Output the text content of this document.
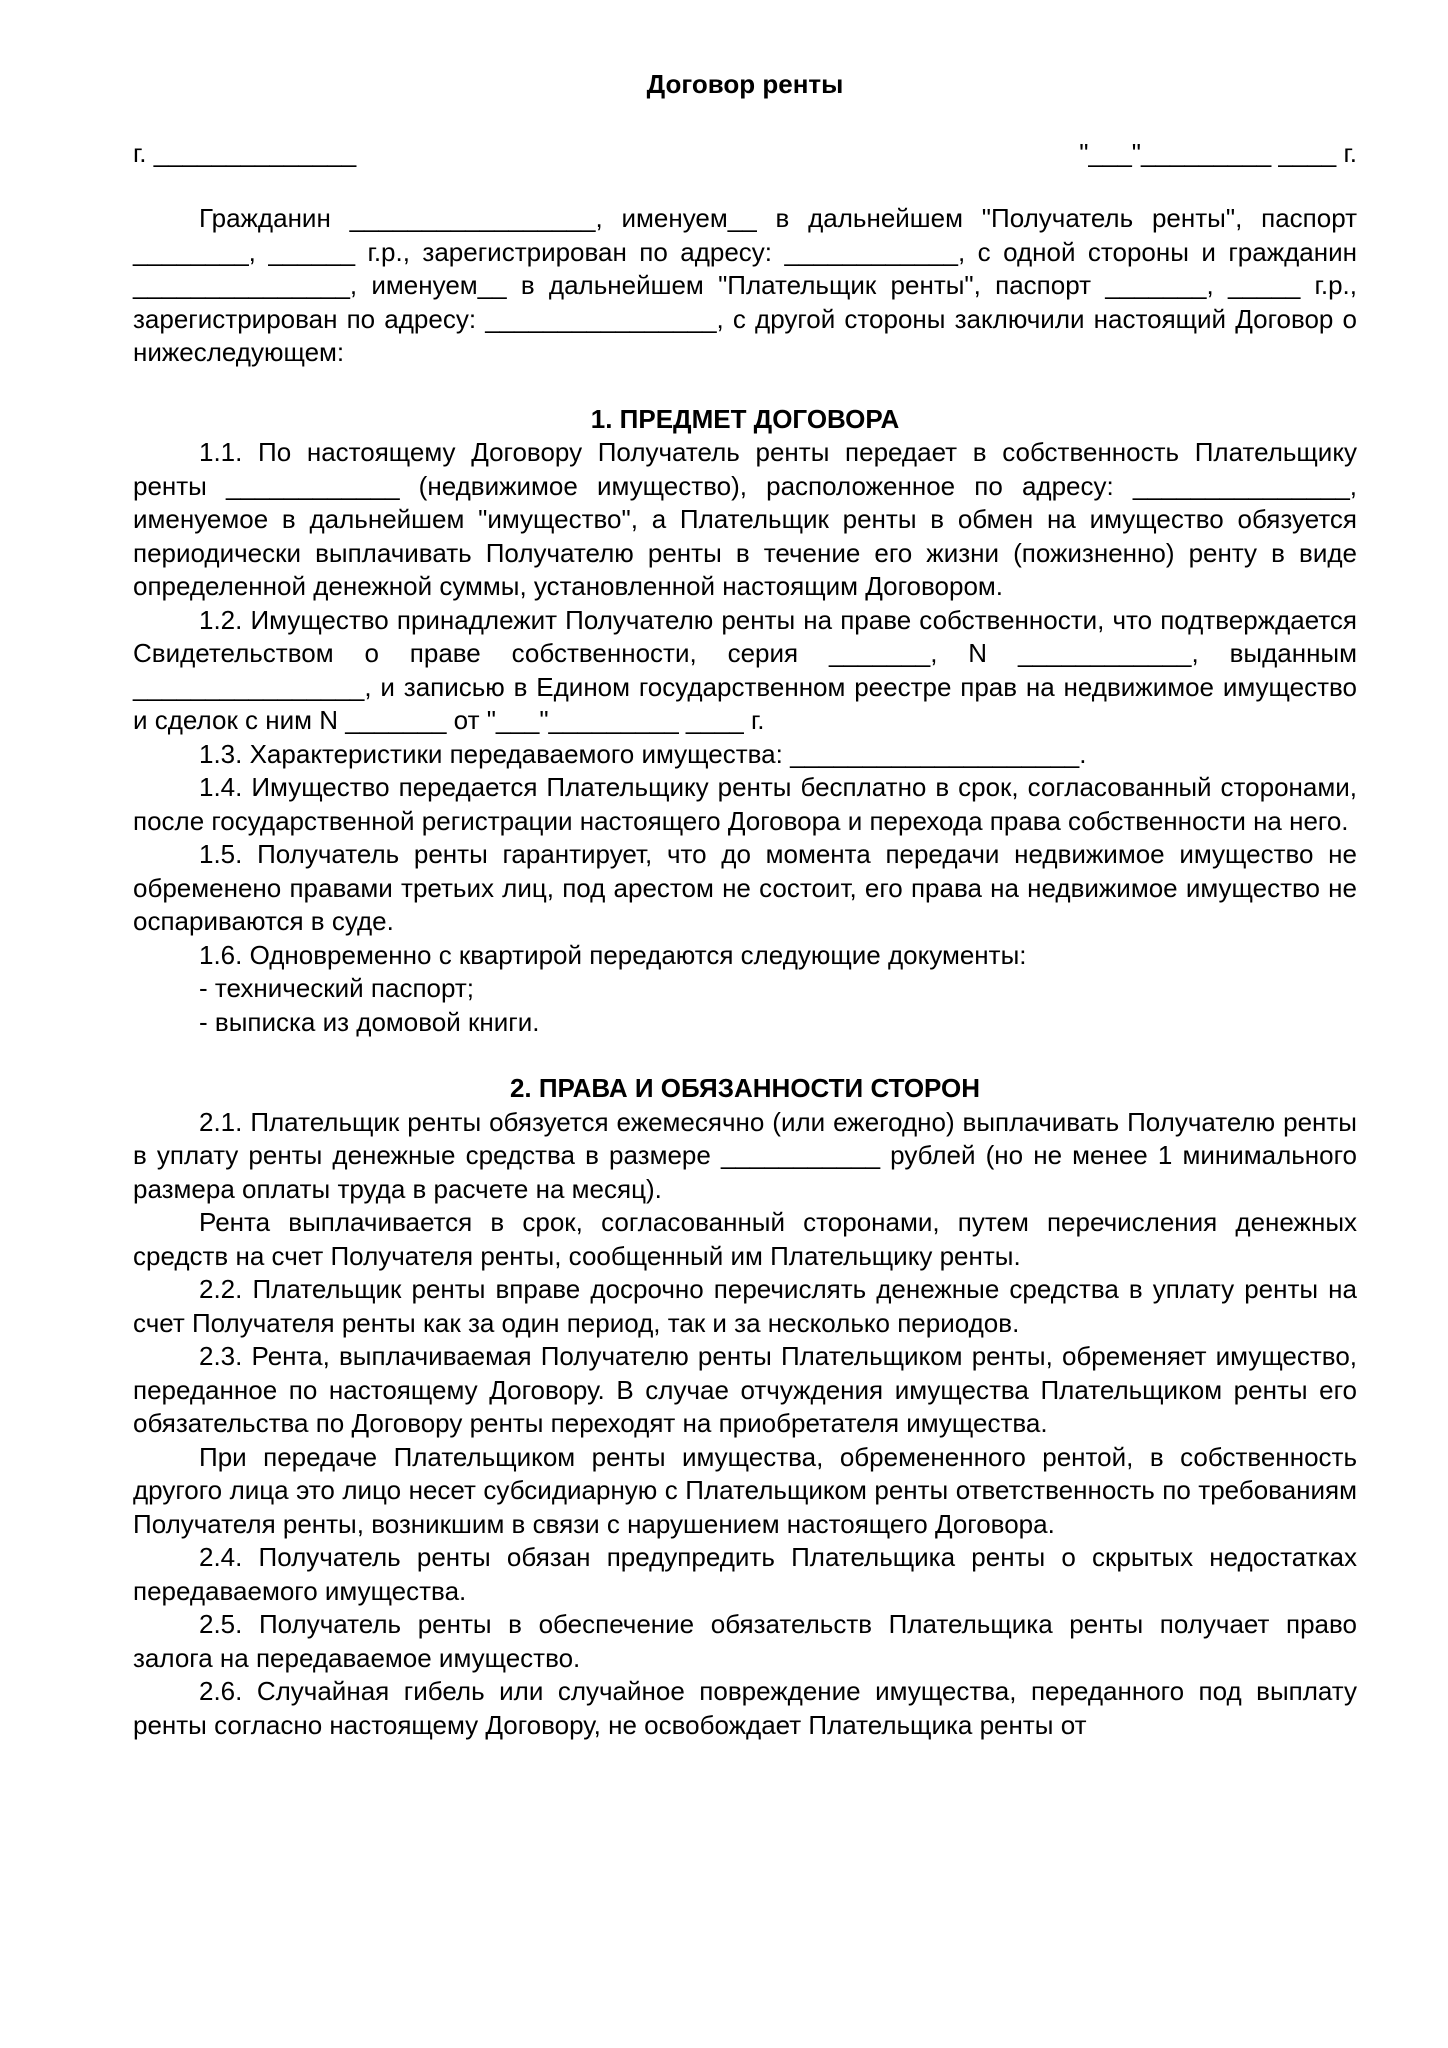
Договор ренты
г. ______________	"___"_________ ____ г.

Гражданин _________________, именуем__ в дальнейшем "Получатель ренты", паспорт ________, ______ г.р., зарегистрирован по адресу: ____________, с одной стороны и гражданин _______________, именуем__ в дальнейшем "Плательщик ренты", паспорт _______, _____ г.р., зарегистрирован по адресу: ________________, с другой стороны заключили настоящий Договор о нижеследующем:

1. ПРЕДМЕТ ДОГОВОРА

1.1. По настоящему Договору Получатель ренты передает в собственность Плательщику ренты ____________ (недвижимое имущество), расположенное по адресу: _______________, именуемое в дальнейшем "имущество", а Плательщик ренты в обмен на имущество обязуется периодически выплачивать Получателю ренты в течение его жизни (пожизненно) ренту в виде определенной денежной суммы, установленной настоящим Договором.

1.2. Имущество принадлежит Получателю ренты на праве собственности, что подтверждается Свидетельством о праве собственности, серия _______, N ____________, выданным ________________, и записью в Едином государственном реестре прав на недвижимое имущество и сделок с ним N _______ от "___"_________ ____ г.

1.3. Характеристики передаваемого имущества: ____________________.

1.4. Имущество передается Плательщику ренты бесплатно в срок, согласованный сторонами, после государственной регистрации настоящего Договора и перехода права собственности на него.

1.5. Получатель ренты гарантирует, что до момента передачи недвижимое имущество не обременено правами третьих лиц, под арестом не состоит, его права на недвижимое имущество не оспариваются в суде.

1.6. Одновременно с квартирой передаются следующие документы:

- технический паспорт;

- выписка из домовой книги.

2. ПРАВА И ОБЯЗАННОСТИ СТОРОН

2.1. Плательщик ренты обязуется ежемесячно (или ежегодно) выплачивать Получателю ренты в уплату ренты денежные средства в размере ___________ рублей (но не менее 1 минимального размера оплаты труда в расчете на месяц).

Рента выплачивается в срок, согласованный сторонами, путем перечисления денежных средств на счет Получателя ренты, сообщенный им Плательщику ренты.

2.2. Плательщик ренты вправе досрочно перечислять денежные средства в уплату ренты на счет Получателя ренты как за один период, так и за несколько периодов.

2.3. Рента, выплачиваемая Получателю ренты Плательщиком ренты, обременяет имущество, переданное по настоящему Договору. В случае отчуждения имущества Плательщиком ренты его обязательства по Договору ренты переходят на приобретателя имущества.

При передаче Плательщиком ренты имущества, обремененного рентой, в собственность другого лица это лицо несет субсидиарную с Плательщиком ренты ответственность по требованиям Получателя ренты, возникшим в связи с нарушением настоящего Договора.

2.4. Получатель ренты обязан предупредить Плательщика ренты о скрытых недостатках передаваемого имущества.

2.5. Получатель ренты в обеспечение обязательств Плательщика ренты получает право залога на передаваемое имущество.

2.6. Случайная гибель или случайное повреждение имущества, переданного под выплату ренты согласно настоящему Договору, не освобождает Плательщика ренты от
